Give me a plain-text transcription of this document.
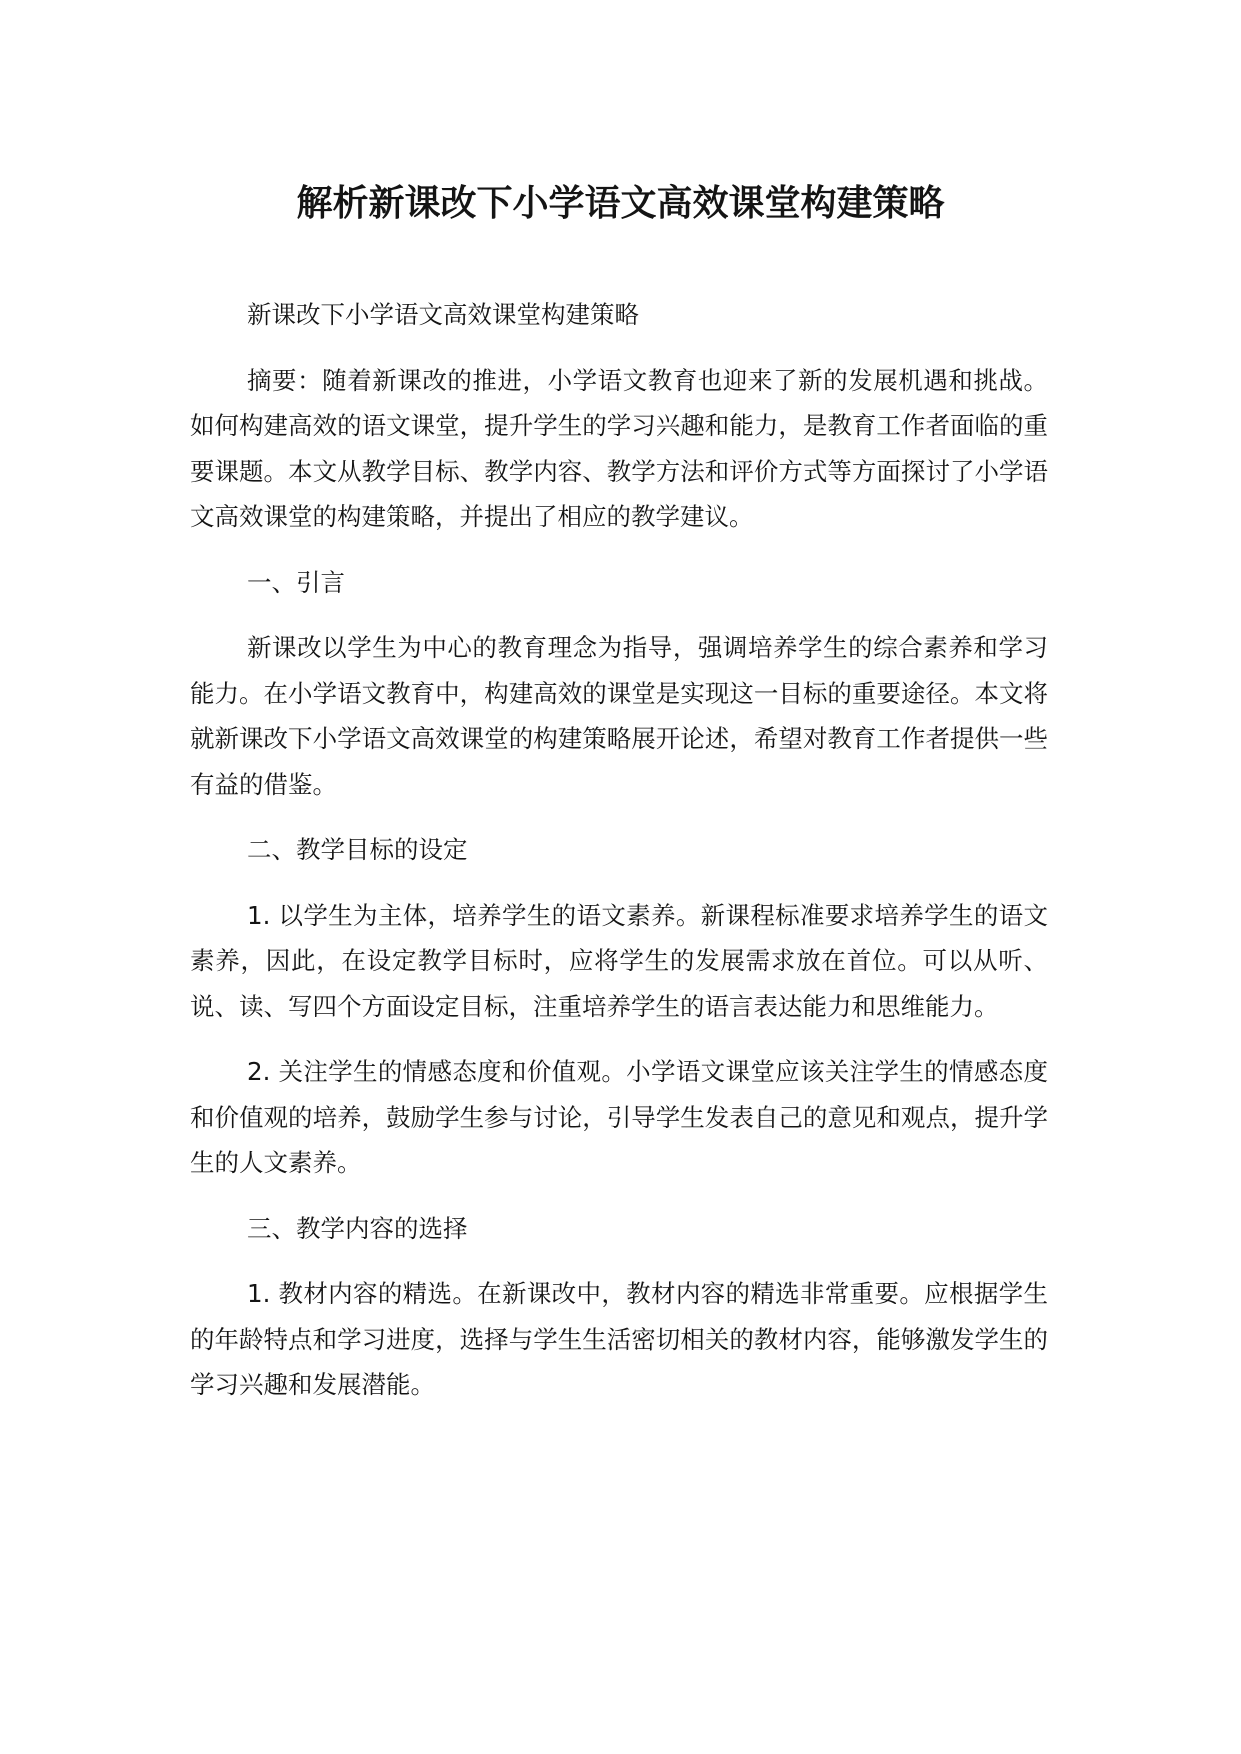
解析新课改下小学语文高效课堂构建策略

新课改下小学语文高效课堂构建策略

摘要：随着新课改的推进，小学语文教育也迎来了新的发展机遇和挑战。如何构建高效的语文课堂，提升学生的学习兴趣和能力，是教育工作者面临的重要课题。本文从教学目标、教学内容、教学方法和评价方式等方面探讨了小学语文高效课堂的构建策略，并提出了相应的教学建议。

一、引言

新课改以学生为中心的教育理念为指导，强调培养学生的综合素养和学习能力。在小学语文教育中，构建高效的课堂是实现这一目标的重要途径。本文将就新课改下小学语文高效课堂的构建策略展开论述，希望对教育工作者提供一些有益的借鉴。

二、教学目标的设定

1. 以学生为主体，培养学生的语文素养。新课程标准要求培养学生的语文素养，因此，在设定教学目标时，应将学生的发展需求放在首位。可以从听、说、读、写四个方面设定目标，注重培养学生的语言表达能力和思维能力。

2. 关注学生的情感态度和价值观。小学语文课堂应该关注学生的情感态度和价值观的培养，鼓励学生参与讨论，引导学生发表自己的意见和观点，提升学生的人文素养。

三、教学内容的选择

1. 教材内容的精选。在新课改中，教材内容的精选非常重要。应根据学生的年龄特点和学习进度，选择与学生生活密切相关的教材内容，能够激发学生的学习兴趣和发展潜能。
